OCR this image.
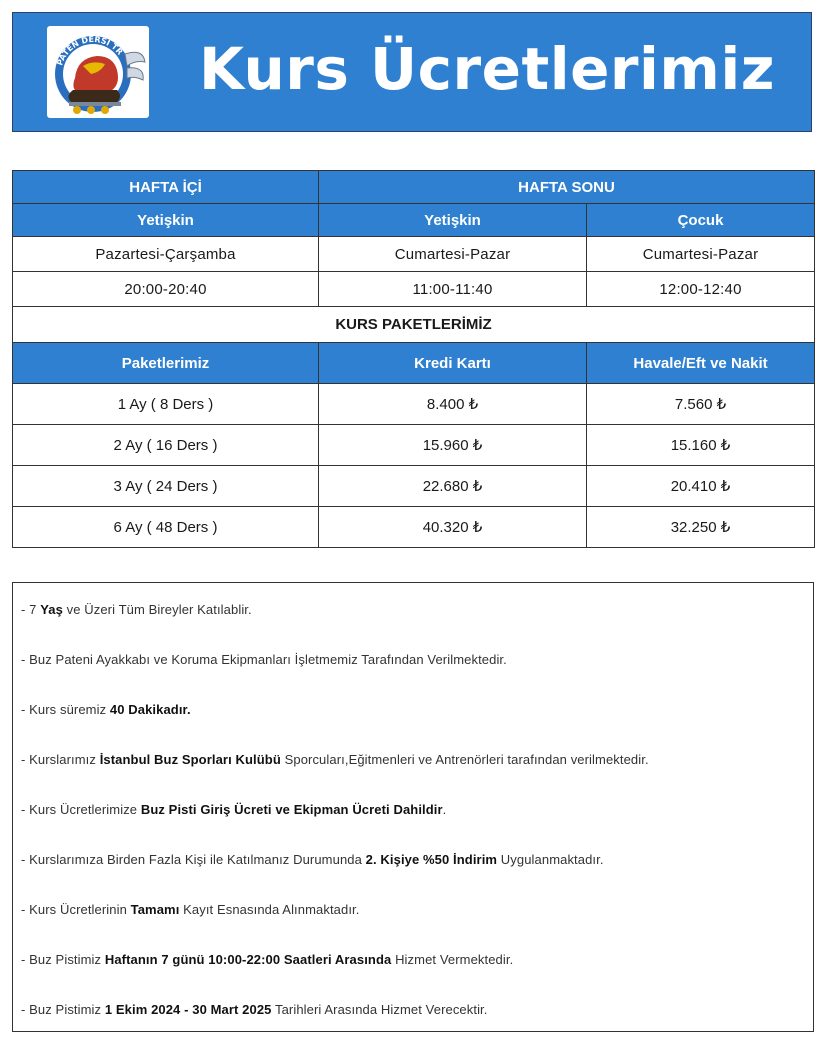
PATEN DERSİ TR	Kurs Ücretlerimiz
HAFTA İÇİ	HAFTA SONU	
Yetişkin	Yetişkin	Çocuk
Pazartesi-Çarşamba	Cumartesi-Pazar	Cumartesi-Pazar
20:00-20:40	11:00-11:40	12:00-12:40
KURS PAKETLERİMİZ		
Paketlerimiz	Kredi Kartı	Havale/Eft ve Nakit
1 Ay ( 8 Ders )	8.400 ₺	7.560 ₺
2 Ay ( 16 Ders )	15.960 ₺	15.160 ₺
3 Ay ( 24 Ders )	22.680 ₺	20.410 ₺
6 Ay ( 48 Ders )	40.320 ₺	32.250 ₺
- 7 Yaş ve Üzeri Tüm Bireyler Katılablir.
- Buz Pateni Ayakkabı ve Koruma Ekipmanları İşletmemiz Tarafından Verilmektedir.
- Kurs süremiz 40 Dakikadır.
- Kurslarımız İstanbul Buz Sporları Kulübü Sporcuları,Eğitmenleri ve Antrenörleri tarafından verilmektedir.
- Kurs Ücretlerimize Buz Pisti Giriş Ücreti ve Ekipman Ücreti Dahildir.
- Kurslarımıza Birden Fazla Kişi ile Katılmanız Durumunda 2. Kişiye %50 İndirim Uygulanmaktadır.
- Kurs Ücretlerinin Tamamı Kayıt Esnasında Alınmaktadır.
- Buz Pistimiz Haftanın 7 günü 10:00-22:00 Saatleri Arasında Hizmet Vermektedir.
- Buz Pistimiz 1 Ekim 2024 - 30 Mart 2025 Tarihleri Arasında Hizmet Verecektir.
